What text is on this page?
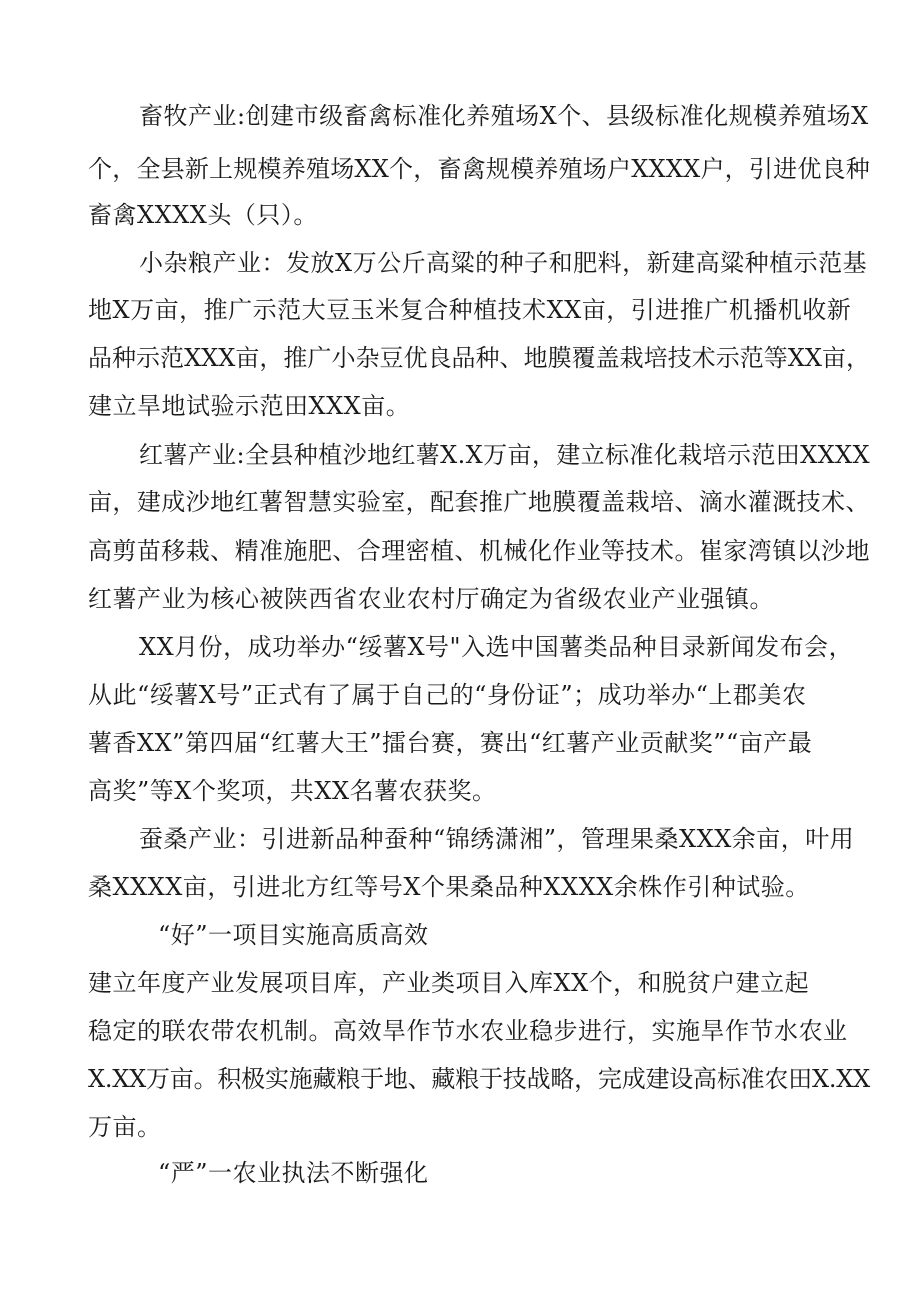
畜牧产业:创建市级畜禽标准化养殖场X个、县级标准化规模养殖场X
个，全县新上规模养殖场XX个，畜禽规模养殖场户XXXX户，引进优良种
畜禽XXXX头（只）。
小杂粮产业：发放X万公斤高粱的种子和肥料，新建高粱种植示范基
地X万亩，推广示范大豆玉米复合种植技术XX亩，引进推广机播机收新
品种示范XXX亩，推广小杂豆优良品种、地膜覆盖栽培技术示范等XX亩，
建立旱地试验示范田XXX亩。
红薯产业:全县种植沙地红薯X.X万亩，建立标准化栽培示范田XXXX
亩，建成沙地红薯智慧实验室，配套推广地膜覆盖栽培、滴水灌溉技术、
高剪苗移栽、精准施肥、合理密植、机械化作业等技术。崔家湾镇以沙地
红薯产业为核心被陕西省农业农村厅确定为省级农业产业强镇。
XX月份，成功举办“绥薯X号"入选中国薯类品种目录新闻发布会，
从此“绥薯X号”正式有了属于自己的“身份证”；成功举办“上郡美农
薯香XX”第四届“红薯大王”擂台赛，赛出“红薯产业贡献奖”“亩产最
高奖”等X个奖项，共XX名薯农获奖。
蚕桑产业：引进新品种蚕种“锦绣潇湘”，管理果桑XXX余亩，叶用
桑XXXX亩，引进北方红等号X个果桑品种XXXX余株作引种试验。
“好”一项目实施高质高效
建立年度产业发展项目库，产业类项目入库XX个，和脱贫户建立起
稳定的联农带农机制。高效旱作节水农业稳步进行，实施旱作节水农业
X.XX万亩。积极实施藏粮于地、藏粮于技战略，完成建设高标准农田X.XX
万亩。
“严”一农业执法不断强化
